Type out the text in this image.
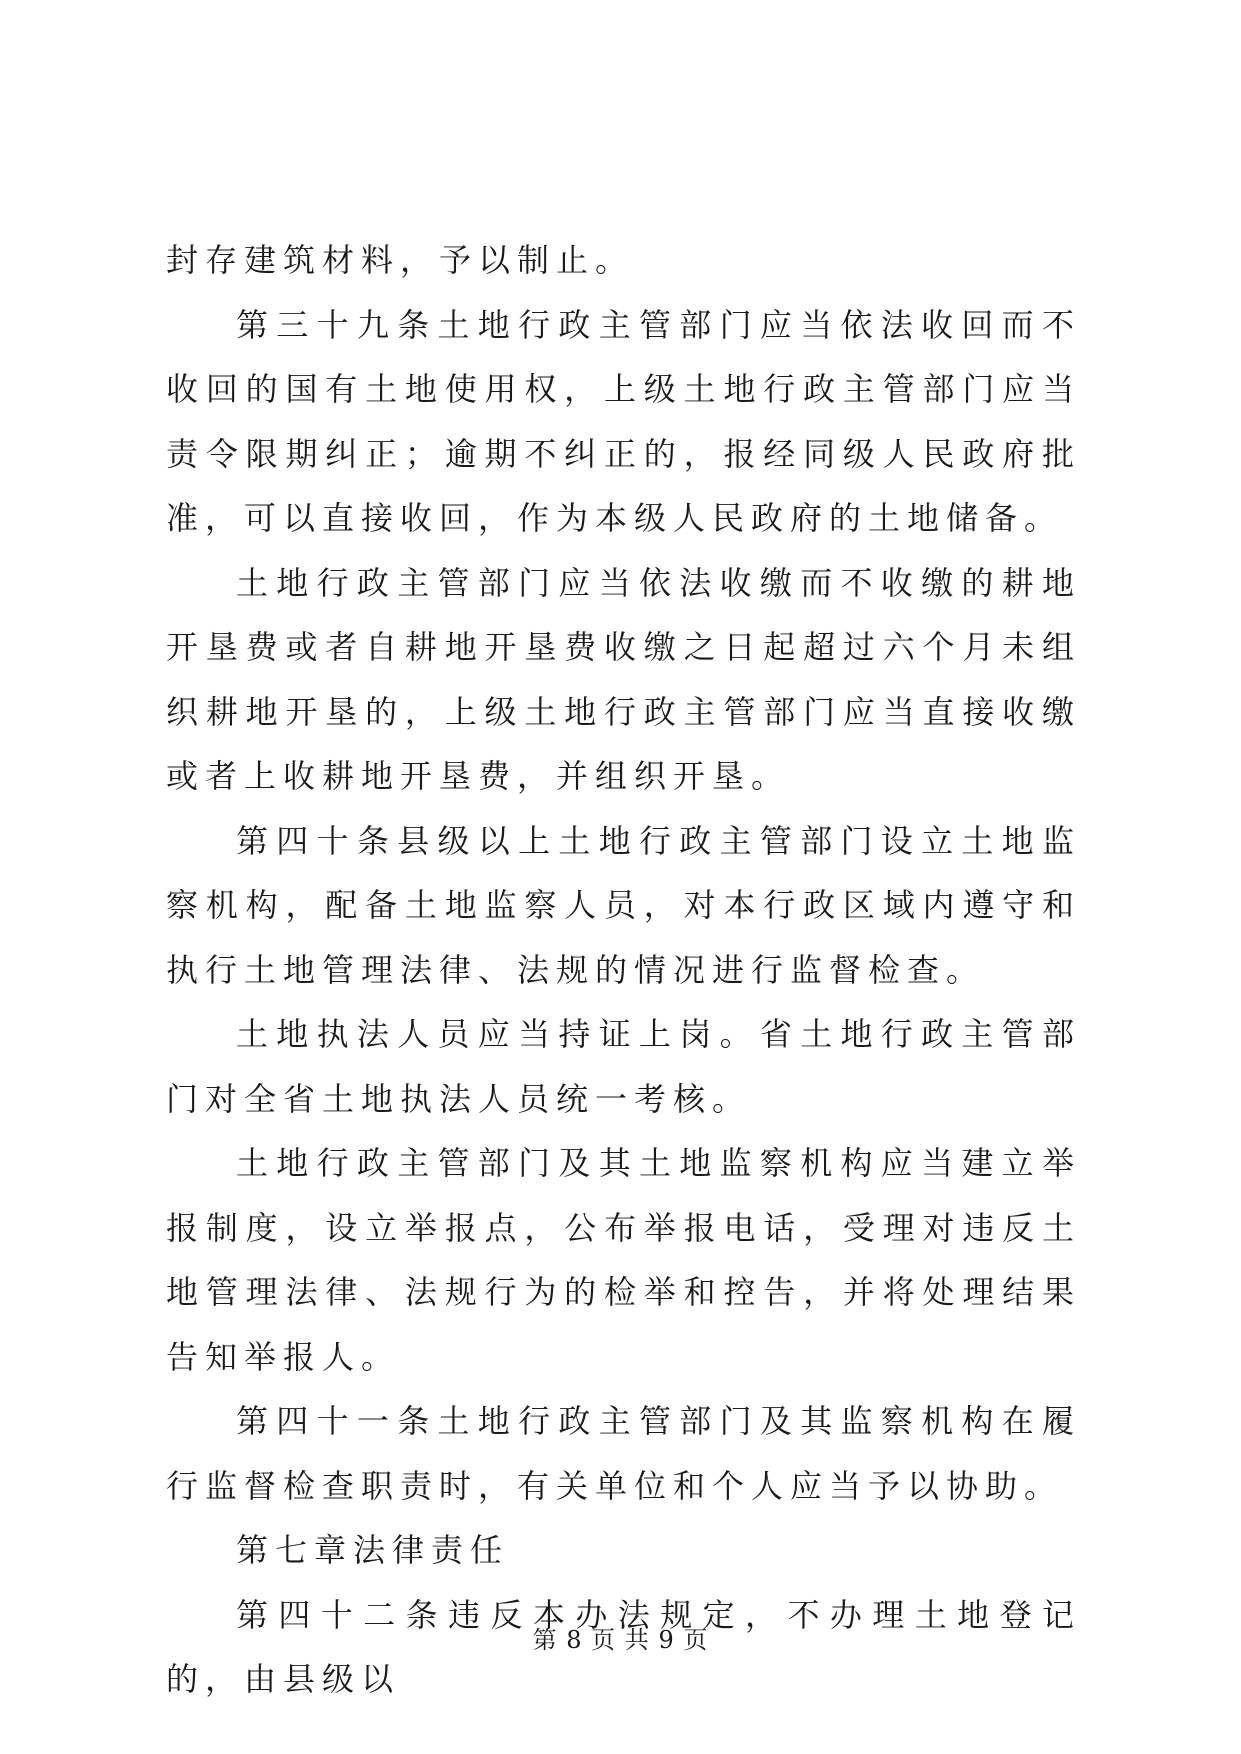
封存建筑材料，予以制止。

第三十九条土地行政主管部门应当依法收回而不收回的国有土地使用权，上级土地行政主管部门应当责令限期纠正；逾期不纠正的，报经同级人民政府批准，可以直接收回，作为本级人民政府的土地储备。

土地行政主管部门应当依法收缴而不收缴的耕地开垦费或者自耕地开垦费收缴之日起超过六个月未组织耕地开垦的，上级土地行政主管部门应当直接收缴或者上收耕地开垦费，并组织开垦。

第四十条县级以上土地行政主管部门设立土地监察机构，配备土地监察人员，对本行政区域内遵守和执行土地管理法律、法规的情况进行监督检查。

土地执法人员应当持证上岗。省土地行政主管部门对全省土地执法人员统一考核。

土地行政主管部门及其土地监察机构应当建立举报制度，设立举报点，公布举报电话，受理对违反土地管理法律、法规行为的检举和控告，并将处理结果告知举报人。

第四十一条土地行政主管部门及其监察机构在履行监督检查职责时，有关单位和个人应当予以协助。

第七章法律责任

第四十二条违反本办法规定，不办理土地登记的，由县级以

第 8 页 共 9 页
